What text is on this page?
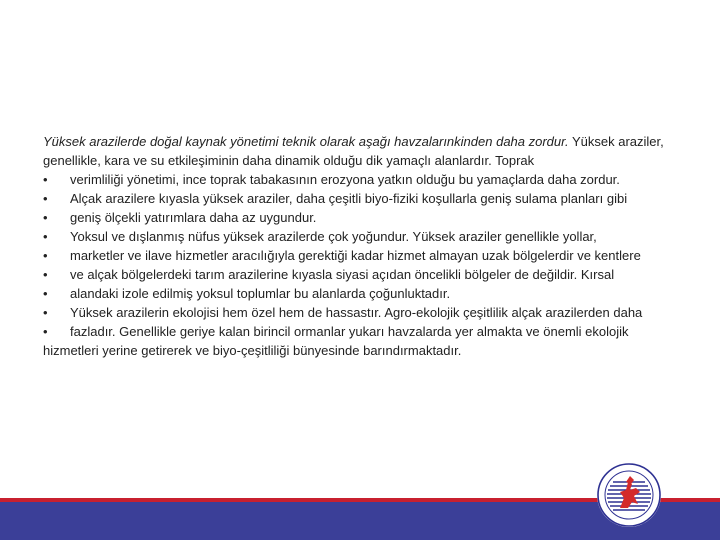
Yüksek arazilerde doğal kaynak yönetimi teknik olarak aşağı havzalarınkinden daha zordur. Yüksek araziler, genellikle, kara ve su etkileşiminin daha dinamik olduğu dik yamaçlı alanlardır. Toprak

• verimliliği yönetimi, ince toprak tabakasının erozyona yatkın olduğu bu yamaçlarda daha zordur.
• Alçak arazilere kıyasla yüksek araziler, daha çeşitli biyo-fiziki koşullarla geniş sulama planları gibi
• geniş ölçekli yatırımlara daha az uygundur.
• Yoksul ve dışlanmış nüfus yüksek arazilerde çok yoğundur. Yüksek araziler genellikle yollar,
• marketler ve ilave hizmetler aracılığıyla gerektiği kadar hizmet almayan uzak bölgelerdir ve kentlere
• ve alçak bölgelerdeki tarım arazilerine kıyasla siyasi açıdan öncelikli bölgeler de değildir. Kırsal
• alandaki izole edilmiş yoksul toplumlar bu alanlarda çoğunluktadır.
• Yüksek arazilerin ekolojisi hem özel hem de hassastır. Agro-ekolojik çeşitlilik alçak arazilerden daha

• fazladır. Genellikle geriye kalan birincil ormanlar yukarı havzalarda yer almakta ve önemli ekolojik hizmetleri yerine getirerek ve biyo-çeşitliliği bünyesinde barındırmaktadır.
